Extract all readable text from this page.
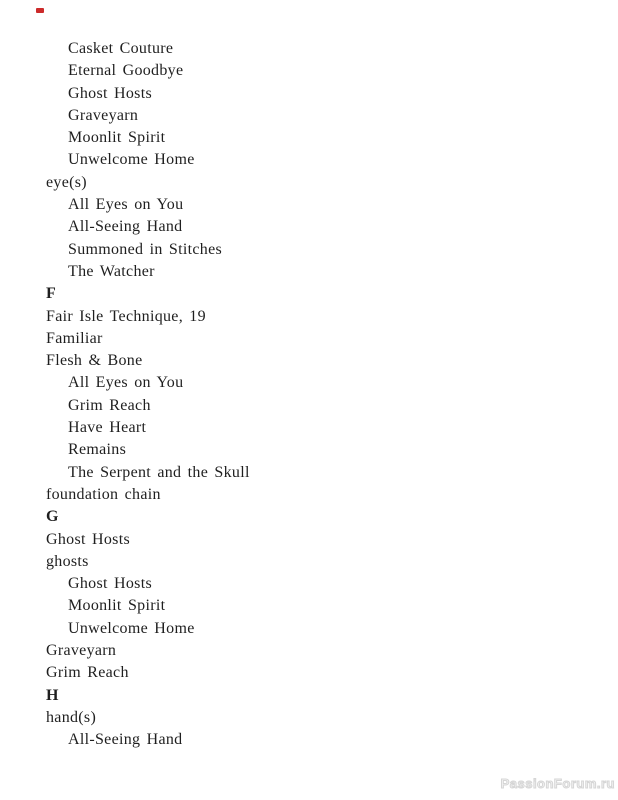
Casket Couture
Eternal Goodbye
Ghost Hosts
Graveyarn
Moonlit Spirit
Unwelcome Home
eye(s)
All Eyes on You
All-Seeing Hand
Summoned in Stitches
The Watcher
F
Fair Isle Technique, 19
Familiar
Flesh & Bone
All Eyes on You
Grim Reach
Have Heart
Remains
The Serpent and the Skull
foundation chain
G
Ghost Hosts
ghosts
Ghost Hosts
Moonlit Spirit
Unwelcome Home
Graveyarn
Grim Reach
H
hand(s)
All-Seeing Hand
PassionForum.ru
